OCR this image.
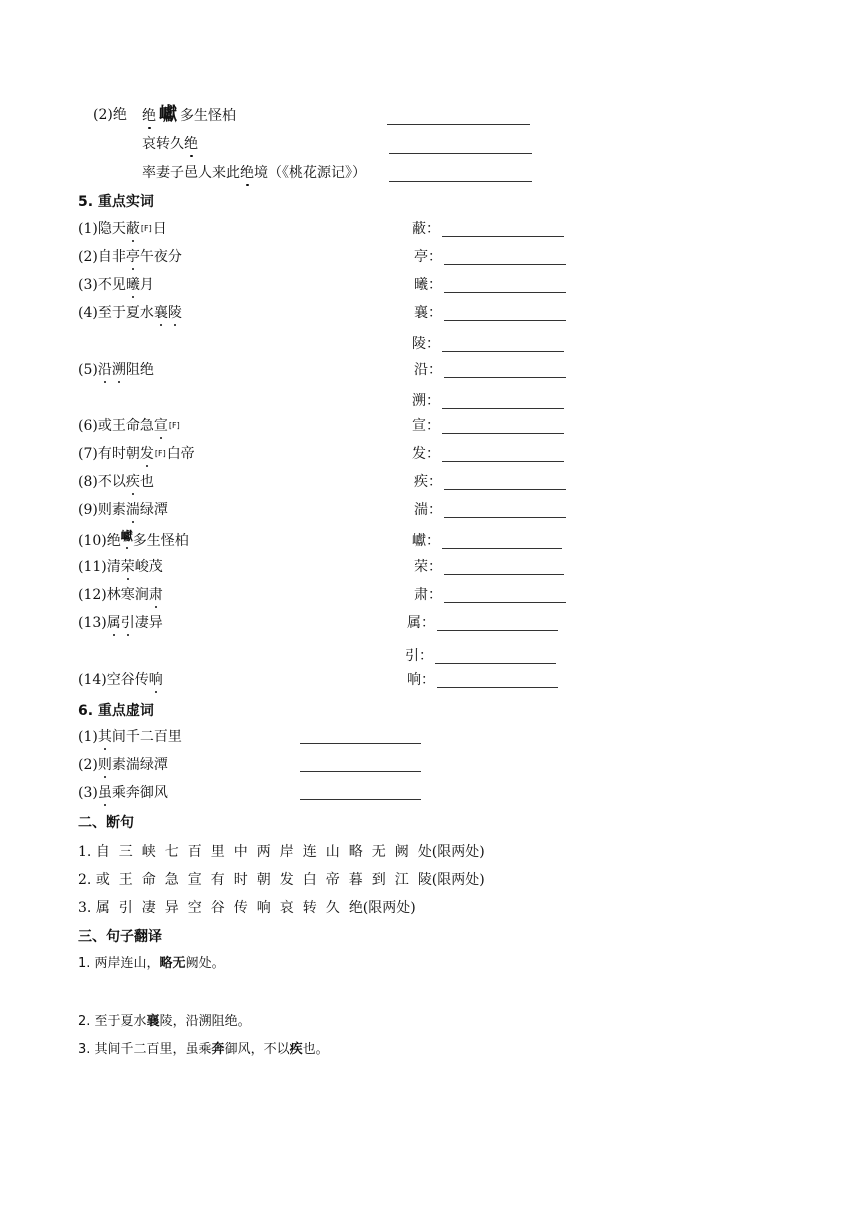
(2)绝 绝 巘 多生怪柏
哀转久绝
率妻子邑人来此绝境（《桃花源记》）
5. 重点实词
(1)隐天蔽[F]日	蔽：
(2)自非亭午夜分	亭：
(3)不见曦月	曦：
(4)至于夏水襄陵	襄：
陵：
(5)沿溯阻绝	沿：
溯：
(6)或王命急宣[F]	宣：
(7)有时朝发[F]白帝	发：
(8)不以疾也	疾：
(9)则素湍绿潭	湍：
(10)绝巘多生怪柏	巘：
(11)清荣峻茂	荣：
(12)林寒涧肃	肃：
(13)属引凄异	属：
引：
(14)空谷传响	响：
6. 重点虚词
(1)其间千二百里
(2)则素湍绿潭
(3)虽乘奔御风
二、断句
1. 自三峡七百里中两岸连山略无阙处(限两处)
2. 或王命急宣有时朝发白帝暮到江陵(限两处)
3. 属引凄异空谷传响哀转久绝(限两处)
三、句子翻译
1. 两岸连山，略无阙处。
2. 至于夏水襄陵，沿溯阻绝。
3. 其间千二百里，虽乘奔御风，不以疾也。
